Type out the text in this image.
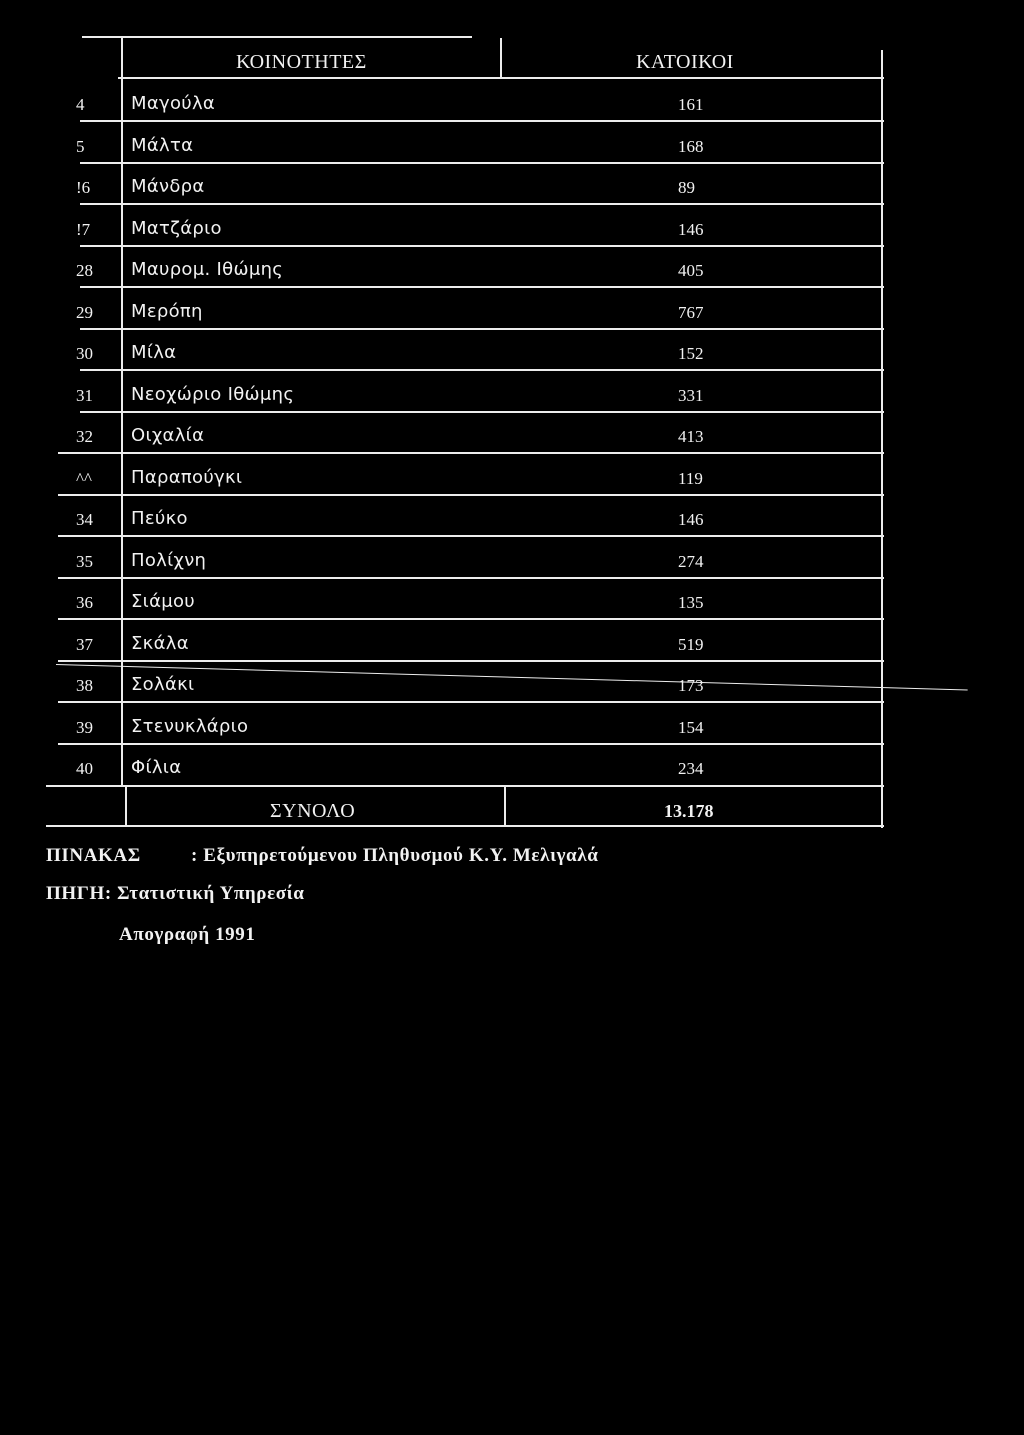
ΚΟΙΝΟΤΗΤΕΣ	ΚΑΤΟΙΚΟΙ
4	Μαγούλα	161
5	Μάλτα	168
!6 Μάνδρα	89
!7 Ματζάριο	146
28 Μαυρομ. Ιθώμης	405
29 Μερόπη	767
30 Μίλα	152
31 Νεοχώριο Ιθώμης	331
32 Οιχαλία	413
^^ Παραπούγκι	119
34 Πεύκο	146
35 Πολίχνη	274
36 Σιάμου	135
37 Σκάλα	519
38 Σολάκι	173
39 Στενυκλάριο	154
40 Φίλια	234
ΣΥΝΟΛΟ	13.178
ΠΙΝΑΚΑΣ	: Εξυπηρετούμενου Πληθυσμού Κ.Υ. Μελιγαλά
ΠΗΓΗ: Στατιστική Υπηρεσία
Απογραφή 1991
